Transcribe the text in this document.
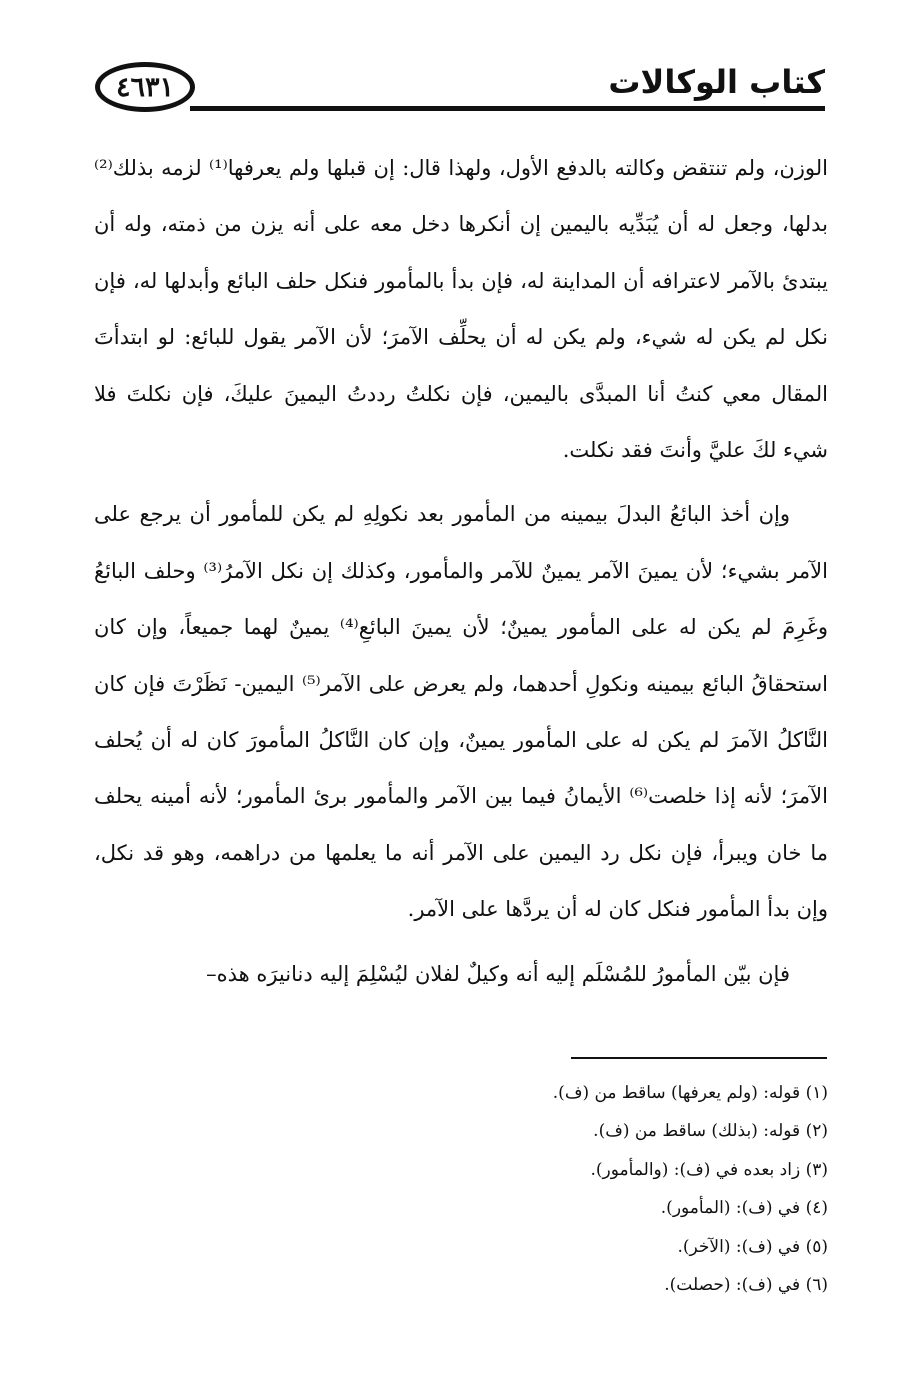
٤٦٣١	كتاب الوكالات

الوزن، ولم تنتقض وكالته بالدفع الأول، ولهذا قال: إن قبلها ولم يعرفها⁽¹⁾ لزمه بذلك⁽²⁾ بدلها، وجعل له أن يُبَدِّيه باليمين إن أنكرها دخل معه على أنه يزن من ذمته، وله أن يبتدئ بالآمر لاعترافه أن المداينة له، فإن بدأ بالمأمور فنكل حلف البائع وأبدلها له، فإن نكل لم يكن له شيء، ولم يكن له أن يحلِّف الآمرَ؛ لأن الآمر يقول للبائع: لو ابتدأتَ المقال معي كنتُ أنا المبدَّى باليمين، فإن نكلتُ رددتُ اليمينَ عليكَ، فإن نكلتَ فلا شيء لكَ عليَّ وأنتَ فقد نكلت.

وإن أخذ البائعُ البدلَ بيمينه من المأمور بعد نكولِهِ لم يكن للمأمور أن يرجع على الآمر بشيء؛ لأن يمينَ الآمر يمينٌ للآمر والمأمور، وكذلك إن نكل الآمرُ⁽³⁾ وحلف البائعُ وغَرِمَ لم يكن له على المأمور يمينٌ؛ لأن يمينَ البائعِ⁽⁴⁾ يمينٌ لهما جميعاً، وإن كان استحقاقُ البائع بيمينه ونكولِ أحدهما، ولم يعرض على الآمر⁽⁵⁾ اليمين- نَظَرْتَ فإن كان النَّاكلُ الآمرَ لم يكن له على المأمور يمينٌ، وإن كان النَّاكلُ المأمورَ كان له أن يُحلف الآمرَ؛ لأنه إذا خلصت⁽⁶⁾ الأيمانُ فيما بين الآمر والمأمور برئ المأمور؛ لأنه أمينه يحلف ما خان ويبرأ، فإن نكل رد اليمين على الآمر أنه ما يعلمها من دراهمه، وهو قد نكل، وإن بدأ المأمور فنكل كان له أن يردَّها على الآمر.

فإن بيّن المأمورُ للمُسْلَم إليه أنه وكيلٌ لفلان ليُسْلِمَ إليه دنانيرَه هذه–

(١) قوله: (ولم يعرفها) ساقط من (ف).
(٢) قوله: (بذلك) ساقط من (ف).
(٣) زاد بعده في (ف): (والمأمور).
(٤) في (ف): (المأمور).
(٥) في (ف): (الآخر).
(٦) في (ف): (حصلت).
